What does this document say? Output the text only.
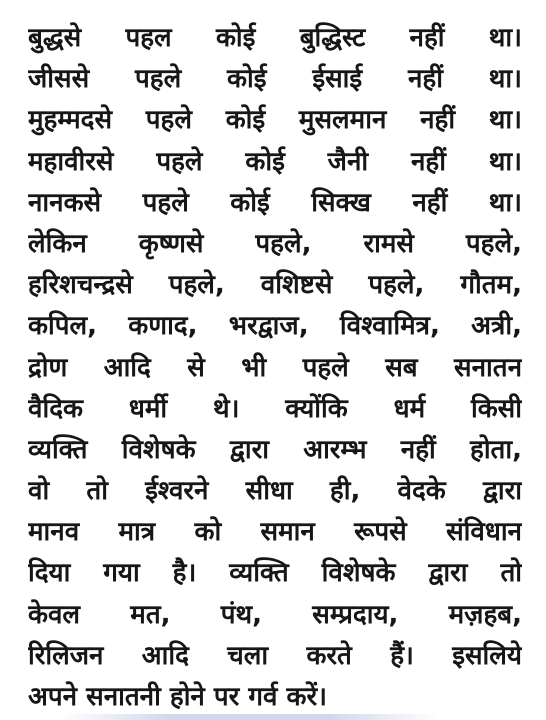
बुद्धसे पहल कोई बुद्धिस्ट नहीं था।
जीससे पहले कोई ईसाई नहीं था।
मुहम्मदसे पहले कोई मुसलमान नहीं था।
महावीरसे पहले कोई जैनी नहीं था।
नानकसे पहले कोई सिक्ख नहीं था।
लेकिन कृष्णसे पहले, रामसे पहले,
हरिशचन्द्रसे पहले, वशिष्टसे पहले, गौतम,
कपिल, कणाद, भरद्वाज, विश्वामित्र, अत्री,
द्रोण आदि से भी पहले सब सनातन
वैदिक धर्मी थे। क्योंकि धर्म किसी
व्यक्ति विशेषके द्वारा आरम्भ नहीं होता,
वो तो ईश्वरने सीधा ही, वेदके द्वारा
मानव मात्र को समान रूपसे संविधान
दिया गया है। व्यक्ति विशेषके द्वारा तो
केवल मत, पंथ, सम्प्रदाय, मज़हब,
रिलिजन आदि चला करते हैं। इसलिये
अपने सनातनी होने पर गर्व करें।
